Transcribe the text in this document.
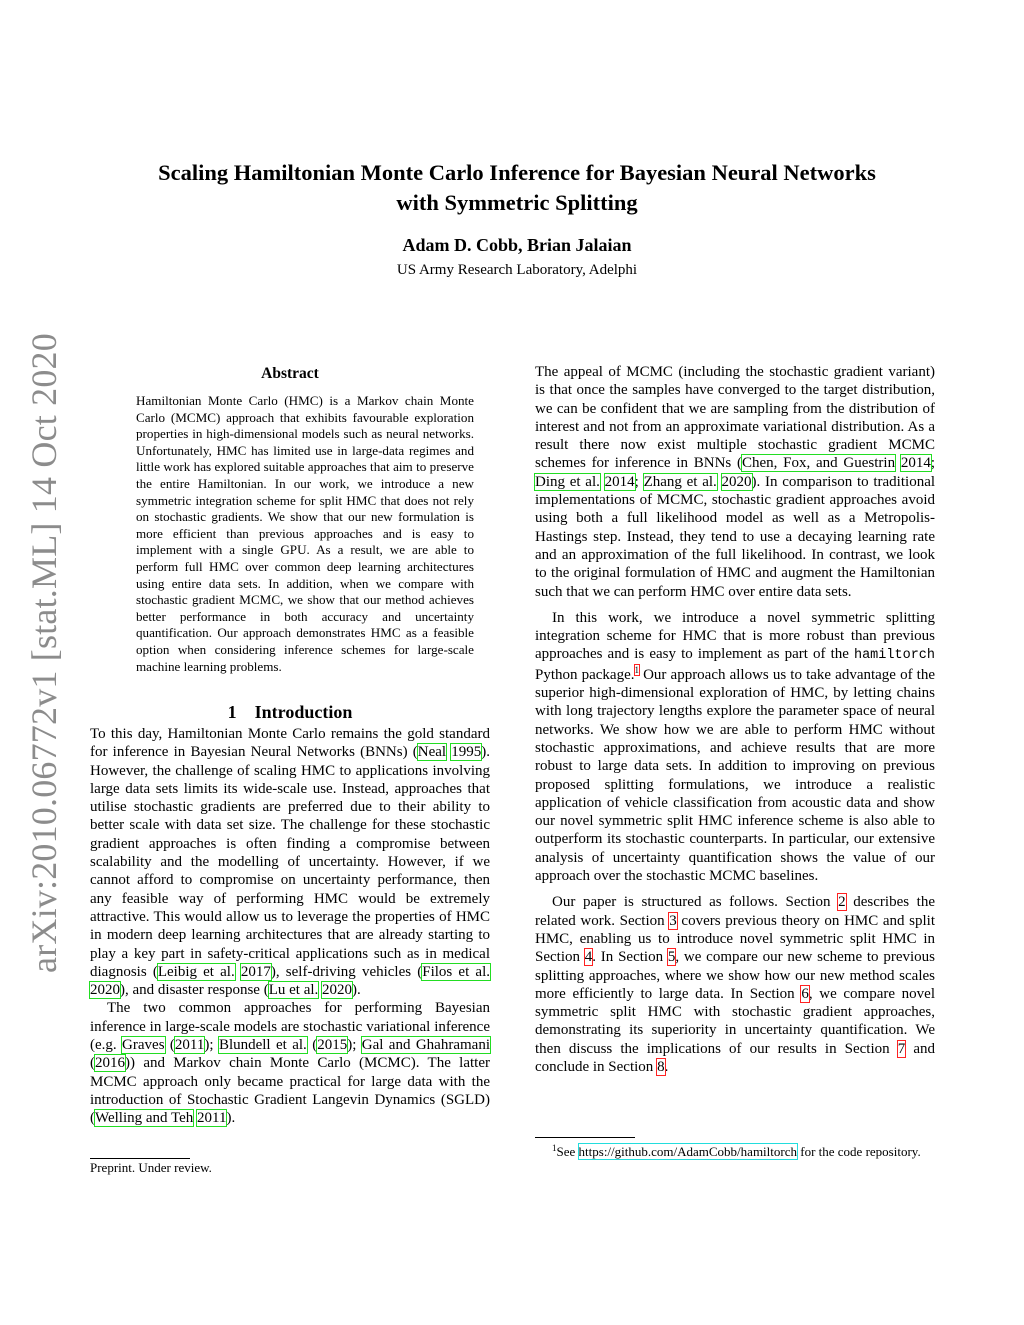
arXiv:2010.06772v1 [stat.ML] 14 Oct 2020
Scaling Hamiltonian Monte Carlo Inference for Bayesian Neural Networks
with Symmetric Splitting

Adam D. Cobb, Brian Jalaian

US Army Research Laboratory, Adelphi

Abstract

Hamiltonian Monte Carlo (HMC) is a Markov chain Monte Carlo (MCMC) approach that exhibits favourable exploration properties in high-dimensional models such as neural networks. Unfortunately, HMC has limited use in large-data regimes and little work has explored suitable approaches that aim to preserve the entire Hamiltonian. In our work, we introduce a new symmetric integration scheme for split HMC that does not rely on stochastic gradients. We show that our new formulation is more efficient than previous approaches and is easy to implement with a single GPU. As a result, we are able to perform full HMC over common deep learning architectures using entire data sets. In addition, when we compare with stochastic gradient MCMC, we show that our method achieves better performance in both accuracy and uncertainty quantification. Our approach demonstrates HMC as a feasible option when considering inference schemes for large-scale machine learning problems.

1 Introduction

To this day, Hamiltonian Monte Carlo remains the gold standard for inference in Bayesian Neural Networks (BNNs) (Neal 1995). However, the challenge of scaling HMC to applications involving large data sets limits its wide-scale use. Instead, approaches that utilise stochastic gradients are preferred due to their ability to better scale with data set size. The challenge for these stochastic gradient approaches is often finding a compromise between scalability and the modelling of uncertainty. However, if we cannot afford to compromise on uncertainty performance, then any feasible way of performing HMC would be extremely attractive. This would allow us to leverage the properties of HMC in modern deep learning architectures that are already starting to play a key part in safety-critical applications such as in medical diagnosis (Leibig et al. 2017), self-driving vehicles (Filos et al. 2020), and disaster response (Lu et al. 2020).

The two common approaches for performing Bayesian inference in large-scale models are stochastic variational inference (e.g. Graves (2011); Blundell et al. (2015); Gal and Ghahramani (2016)) and Markov chain Monte Carlo (MCMC). The latter MCMC approach only became practical for large data with the introduction of Stochastic Gradient Langevin Dynamics (SGLD) (Welling and Teh 2011).

Preprint. Under review.

The appeal of MCMC (including the stochastic gradient variant) is that once the samples have converged to the target distribution, we can be confident that we are sampling from the distribution of interest and not from an approximate variational distribution. As a result there now exist multiple stochastic gradient MCMC schemes for inference in BNNs (Chen, Fox, and Guestrin 2014; Ding et al. 2014; Zhang et al. 2020). In comparison to traditional implementations of MCMC, stochastic gradient approaches avoid using both a full likelihood model as well as a Metropolis-Hastings step. Instead, they tend to use a decaying learning rate and an approximation of the full likelihood. In contrast, we look to the original formulation of HMC and augment the Hamiltonian such that we can perform HMC over entire data sets.

In this work, we introduce a novel symmetric splitting integration scheme for HMC that is more robust than previous approaches and is easy to implement as part of the hamiltorch Python package.$^1$ Our approach allows us to take advantage of the superior high-dimensional exploration of HMC, by letting chains with long trajectory lengths explore the parameter space of neural networks. We show how we are able to perform HMC without stochastic approximations, and achieve results that are more robust to large data sets. In addition to improving on previous proposed splitting formulations, we introduce a realistic application of vehicle classification from acoustic data and show our novel symmetric split HMC inference scheme is also able to outperform its stochastic counterparts. In particular, our extensive analysis of uncertainty quantification shows the value of our approach over the stochastic MCMC baselines.

Our paper is structured as follows. Section 2 describes the related work. Section 3 covers previous theory on HMC and split HMC, enabling us to introduce novel symmetric split HMC in Section 4. In Section 5, we compare our new scheme to previous splitting approaches, where we show how our new method scales more efficiently to large data. In Section 6, we compare novel symmetric split HMC with stochastic gradient approaches, demonstrating its superiority in uncertainty quantification. We then discuss the implications of our results in Section 7 and conclude in Section 8.

$^1$See https://github.com/AdamCobb/hamiltorch for the code repository.
